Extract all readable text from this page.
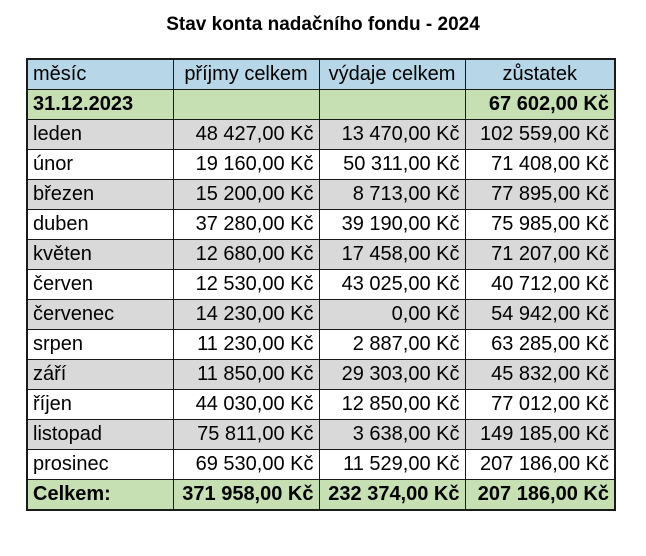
Stav konta nadačního fondu - 2024
měsíc	příjmy celkem	výdaje celkem	zůstatek
31.12.2023			67 602,00 Kč
leden	48 427,00 Kč	13 470,00 Kč	102 559,00 Kč
únor	19 160,00 Kč	50 311,00 Kč	71 408,00 Kč
březen	15 200,00 Kč	8 713,00 Kč	77 895,00 Kč
duben	37 280,00 Kč	39 190,00 Kč	75 985,00 Kč
květen	12 680,00 Kč	17 458,00 Kč	71 207,00 Kč
červen	12 530,00 Kč	43 025,00 Kč	40 712,00 Kč
červenec	14 230,00 Kč	0,00 Kč	54 942,00 Kč
srpen	11 230,00 Kč	2 887,00 Kč	63 285,00 Kč
září	11 850,00 Kč	29 303,00 Kč	45 832,00 Kč
říjen	44 030,00 Kč	12 850,00 Kč	77 012,00 Kč
listopad	75 811,00 Kč	3 638,00 Kč	149 185,00 Kč
prosinec	69 530,00 Kč	11 529,00 Kč	207 186,00 Kč
Celkem:	371 958,00 Kč	232 374,00 Kč	207 186,00 Kč
